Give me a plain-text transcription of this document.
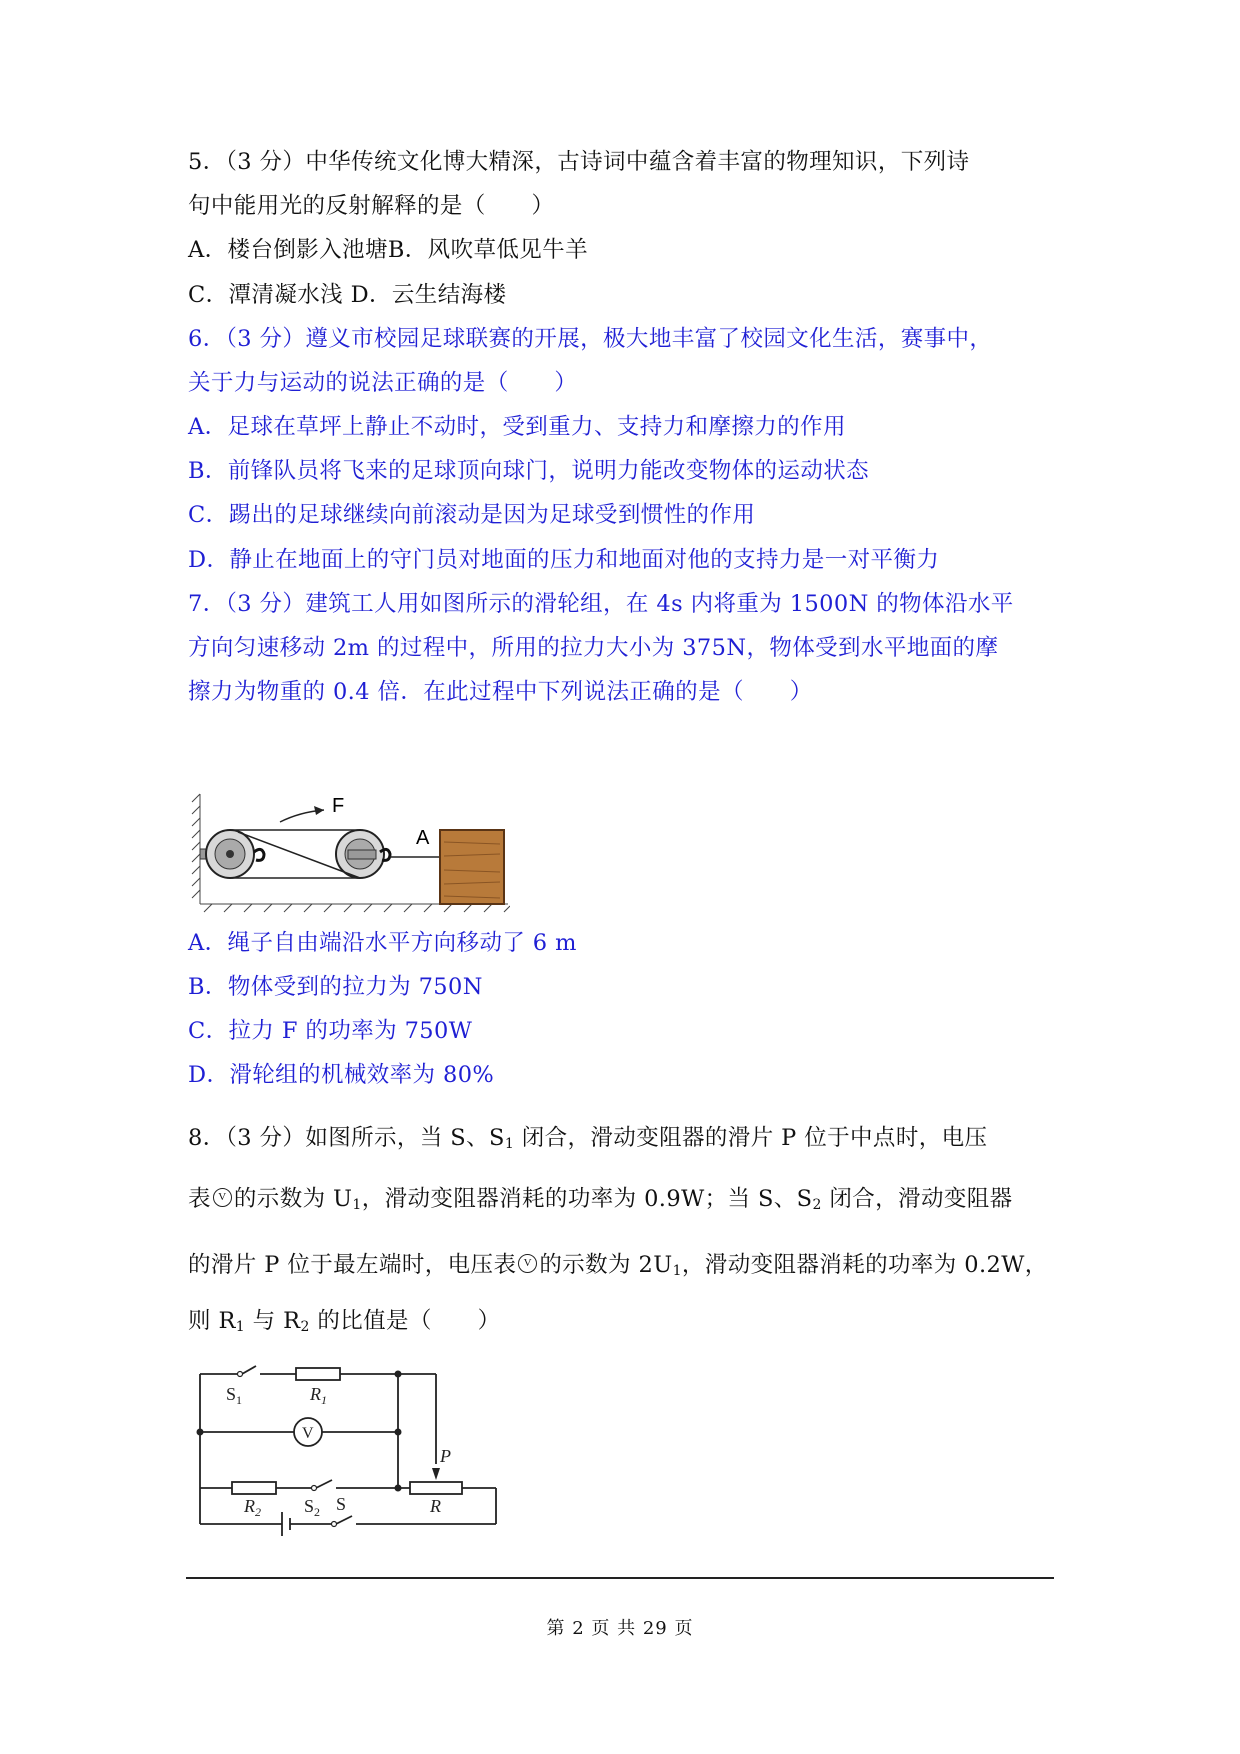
5．（3 分）中华传统文化博大精深，古诗词中蕴含着丰富的物理知识，下列诗
句中能用光的反射解释的是（　　）
A．楼台倒影入池塘B．风吹草低见牛羊
C．潭清凝水浅 D．云生结海楼
6．（3 分）遵义市校园足球联赛的开展，极大地丰富了校园文化生活，赛事中，
关于力与运动的说法正确的是（　　）
A．足球在草坪上静止不动时，受到重力、支持力和摩擦力的作用
B．前锋队员将飞来的足球顶向球门，说明力能改变物体的运动状态
C．踢出的足球继续向前滚动是因为足球受到惯性的作用
D．静止在地面上的守门员对地面的压力和地面对他的支持力是一对平衡力
7．（3 分）建筑工人用如图所示的滑轮组，在 4s 内将重为 1500N 的物体沿水平
方向匀速移动 2m 的过程中，所用的拉力大小为 375N，物体受到水平地面的摩
擦力为物重的 0.4 倍．在此过程中下列说法正确的是（　　）
F
A
A．绳子自由端沿水平方向移动了 6 m
B．物体受到的拉力为 750N
C．拉力 F 的功率为 750W
D．滑轮组的机械效率为 80%
8．（3 分）如图所示，当 S、$S_1$ 闭合，滑动变阻器的滑片 P 位于中点时，电压
表 V 的示数为 $U_1$，滑动变阻器消耗的功率为 0.9W；当 S、$S_2$ 闭合，滑动变阻器
的滑片 P 位于最左端时，电压表 V 的示数为 $2U_1$，滑动变阻器消耗的功率为 0.2W，
则 $R_1$ 与 $R_2$ 的比值是（　　）
$S_1$	$R_1$
V
$R_2$ $S_2$ S
P
R
第 2 页 共 29 页
